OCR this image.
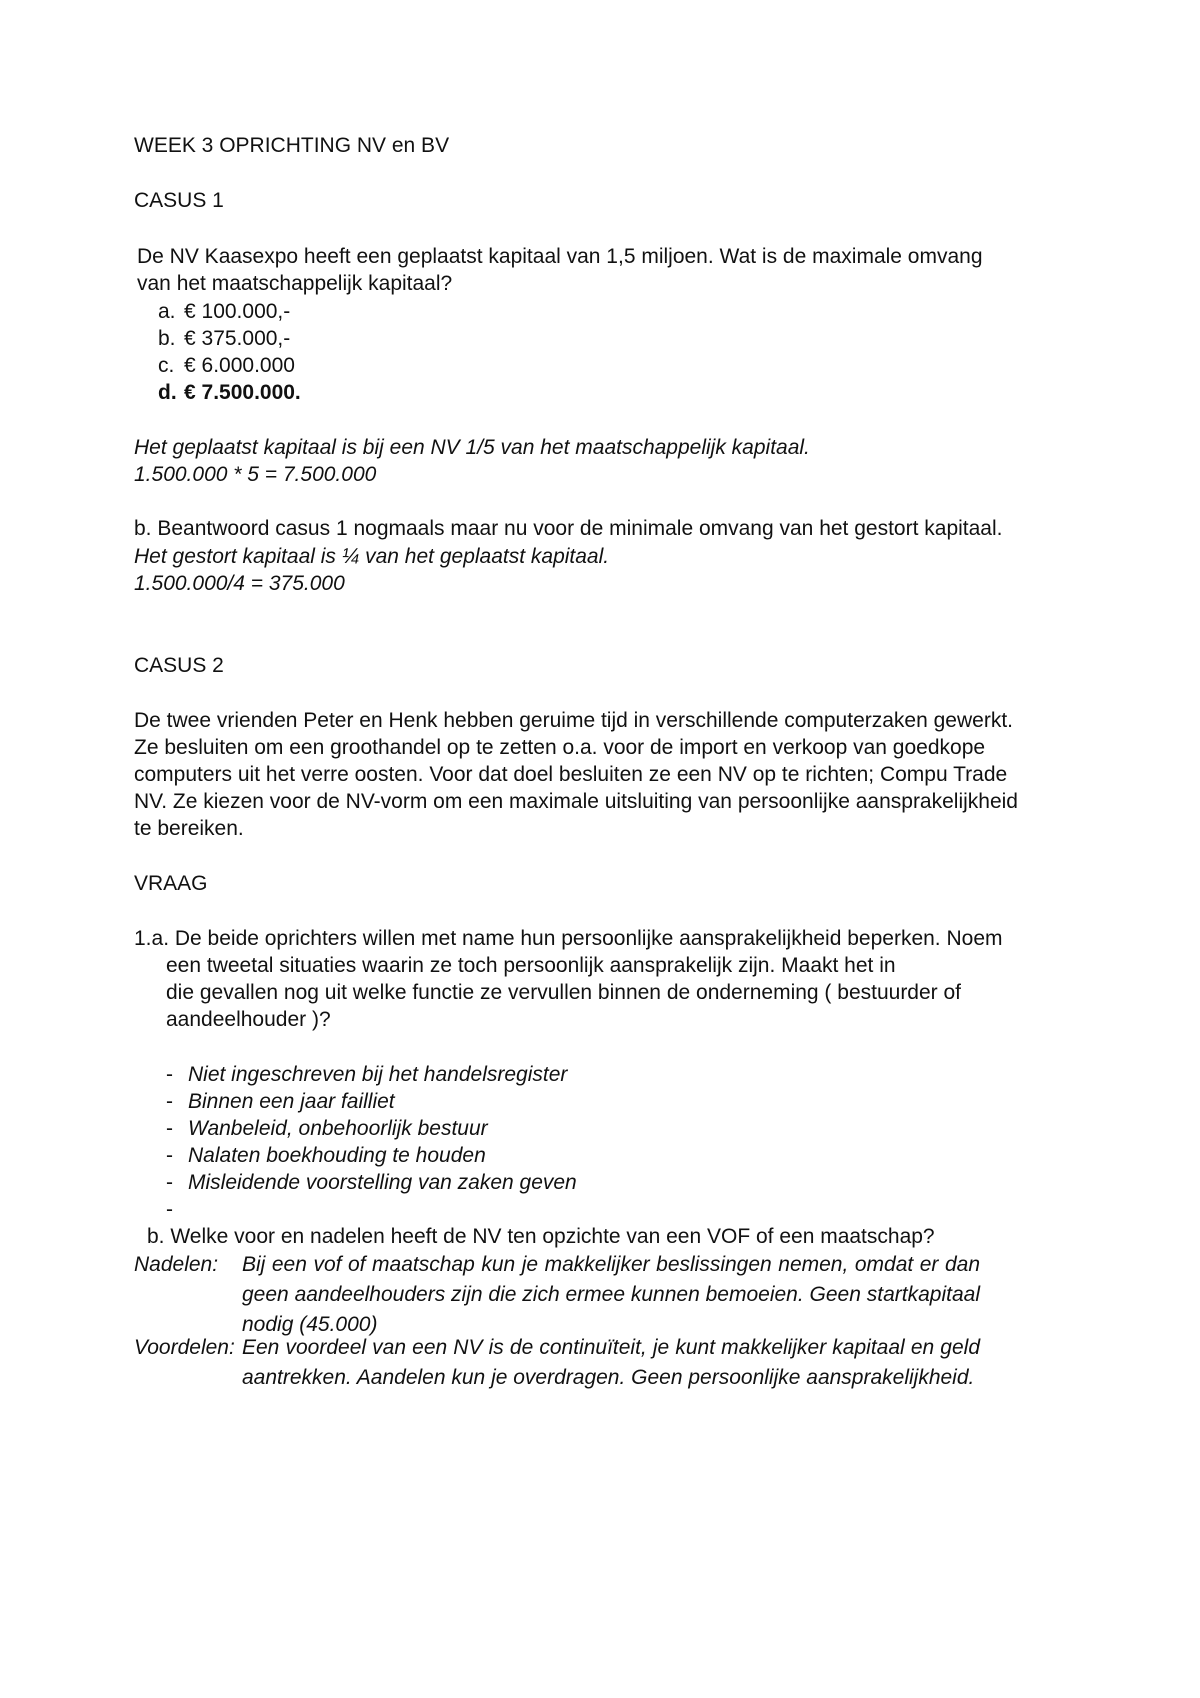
WEEK 3 OPRICHTING NV en BV
CASUS 1
De NV Kaasexpo heeft een geplaatst kapitaal van 1,5 miljoen. Wat is de maximale omvang
van het maatschappelijk kapitaal?
a. € 100.000,-
b. € 375.000,-
c. € 6.000.000
d. € 7.500.000.
Het geplaatst kapitaal is bij een NV 1/5 van het maatschappelijk kapitaal.
1.500.000 * 5 = 7.500.000
b. Beantwoord casus 1 nogmaals maar nu voor de minimale omvang van het gestort kapitaal.
Het gestort kapitaal is ¼ van het geplaatst kapitaal.
1.500.000/4 = 375.000
CASUS 2
De twee vrienden Peter en Henk hebben geruime tijd in verschillende computerzaken gewerkt.
Ze besluiten om een groothandel op te zetten o.a. voor de import en verkoop van goedkope
computers uit het verre oosten. Voor dat doel besluiten ze een NV op te richten; Compu Trade
NV. Ze kiezen voor de NV-vorm om een maximale uitsluiting van persoonlijke aansprakelijkheid
te bereiken.
VRAAG
1.a. De beide oprichters willen met name hun persoonlijke aansprakelijkheid beperken. Noem
een tweetal situaties waarin ze toch persoonlijk aansprakelijk zijn. Maakt het in
die gevallen nog uit welke functie ze vervullen binnen de onderneming ( bestuurder of
aandeelhouder )?
- Niet ingeschreven bij het handelsregister
- Binnen een jaar failliet
- Wanbeleid, onbehoorlijk bestuur
- Nalaten boekhouding te houden
- Misleidende voorstelling van zaken geven
-
b. Welke voor en nadelen heeft de NV ten opzichte van een VOF of een maatschap?
Nadelen: Bij een vof of maatschap kun je makkelijker beslissingen nemen, omdat er dan geen aandeelhouders zijn die zich ermee kunnen bemoeien. Geen startkapitaal nodig (45.000)
Voordelen: Een voordeel van een NV is de continuïteit, je kunt makkelijker kapitaal en geld aantrekken. Aandelen kun je overdragen. Geen persoonlijke aansprakelijkheid.
